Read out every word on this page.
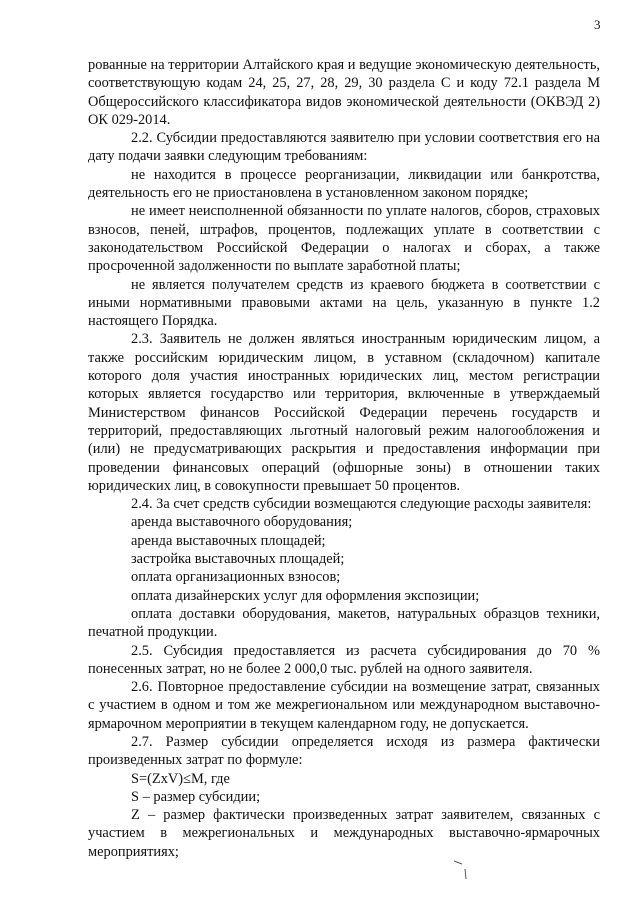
3

рованные на территории Алтайского края и ведущие экономическую деятельность, соответствующую кодам 24, 25, 27, 28, 29, 30 раздела C и коду 72.1 раздела M Общероссийского классификатора видов экономической деятельности (ОКВЭД 2) ОК 029-2014.

2.2. Субсидии предоставляются заявителю при условии соответствия его на дату подачи заявки следующим требованиям:

не находится в процессе реорганизации, ликвидации или банкротства, деятельность его не приостановлена в установленном законом порядке;

не имеет неисполненной обязанности по уплате налогов, сборов, страховых взносов, пеней, штрафов, процентов, подлежащих уплате в соответствии с законодательством Российской Федерации о налогах и сборах, а также просроченной задолженности по выплате заработной платы;

не является получателем средств из краевого бюджета в соответствии с иными нормативными правовыми актами на цель, указанную в пункте 1.2 настоящего Порядка.

2.3. Заявитель не должен являться иностранным юридическим лицом, а также российским юридическим лицом, в уставном (складочном) капитале которого доля участия иностранных юридических лиц, местом регистрации которых является государство или территория, включенные в утверждаемый Министерством финансов Российской Федерации перечень государств и территорий, предоставляющих льготный налоговый режим налогообложения и (или) не предусматривающих раскрытия и предоставления информации при проведении финансовых операций (офшорные зоны) в отношении таких юридических лиц, в совокупности превышает 50 процентов.

2.4. За счет средств субсидии возмещаются следующие расходы заявителя:

аренда выставочного оборудования;

аренда выставочных площадей;

застройка выставочных площадей;

оплата организационных взносов;

оплата дизайнерских услуг для оформления экспозиции;

оплата доставки оборудования, макетов, натуральных образцов техники, печатной продукции.

2.5. Субсидия предоставляется из расчета субсидирования до 70 % понесенных затрат, но не более 2 000,0 тыс. рублей на одного заявителя.

2.6. Повторное предоставление субсидии на возмещение затрат, связанных с участием в одном и том же межрегиональном или международном выставочно-ярмарочном мероприятии в текущем календарном году, не допускается.

2.7. Размер субсидии определяется исходя из размера фактически произведенных затрат по формуле:

S=(ZxV)≤M, где

S – размер субсидии;

Z – размер фактически произведенных затрат заявителем, связанных с участием в межрегиональных и международных выставочно-ярмарочных мероприятиях;
